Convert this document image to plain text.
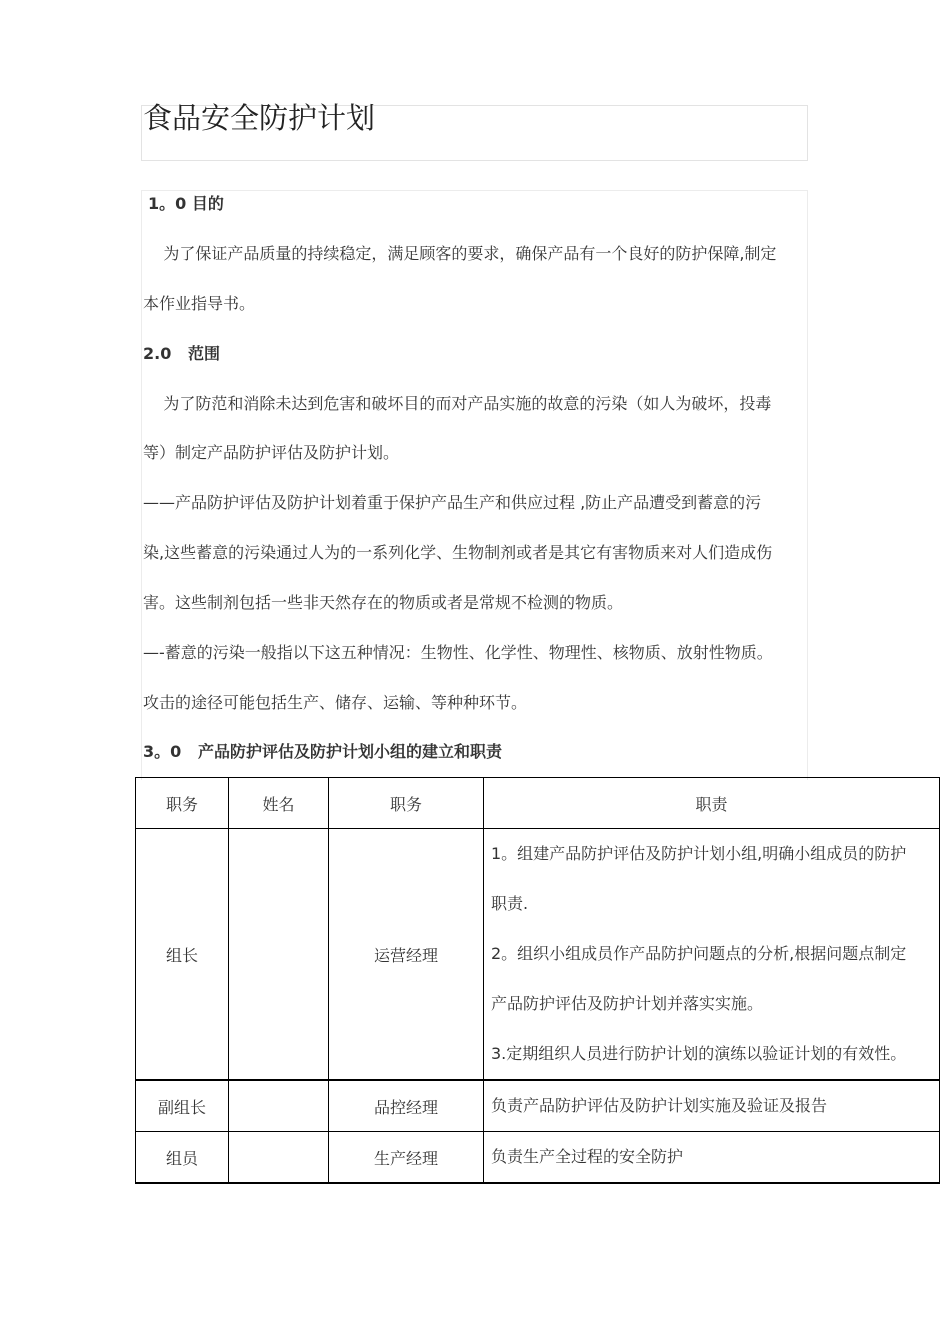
食品安全防护计划
1。0 目的
为了保证产品质量的持续稳定，满足顾客的要求，确保产品有一个良好的防护保障,制定
本作业指导书。
2.0   范围
为了防范和消除未达到危害和破坏目的而对产品实施的故意的污染（如人为破坏，投毒
等）制定产品防护评估及防护计划。
——产品防护评估及防护计划着重于保护产品生产和供应过程 ,防止产品遭受到蓄意的污
染,这些蓄意的污染通过人为的一系列化学、生物制剂或者是其它有害物质来对人们造成伤
害。这些制剂包括一些非天然存在的物质或者是常规不检测的物质。
—-蓄意的污染一般指以下这五种情况：生物性、化学性、物理性、核物质、放射性物质。
攻击的途径可能包括生产、储存、运输、等种种环节。
3。0   产品防护评估及防护计划小组的建立和职责
职务	姓名	职务	职责
组长		运营经理	1。组建产品防护评估及防护计划小组,明确小组成员的防护
职责.
2。组织小组成员作产品防护问题点的分析,根据问题点制定
产品防护评估及防护计划并落实实施。
3.定期组织人员进行防护计划的演练以验证计划的有效性。

副组长		品控经理	负责产品防护评估及防护计划实施及验证及报告

组员		生产经理	负责生产全过程的安全防护
